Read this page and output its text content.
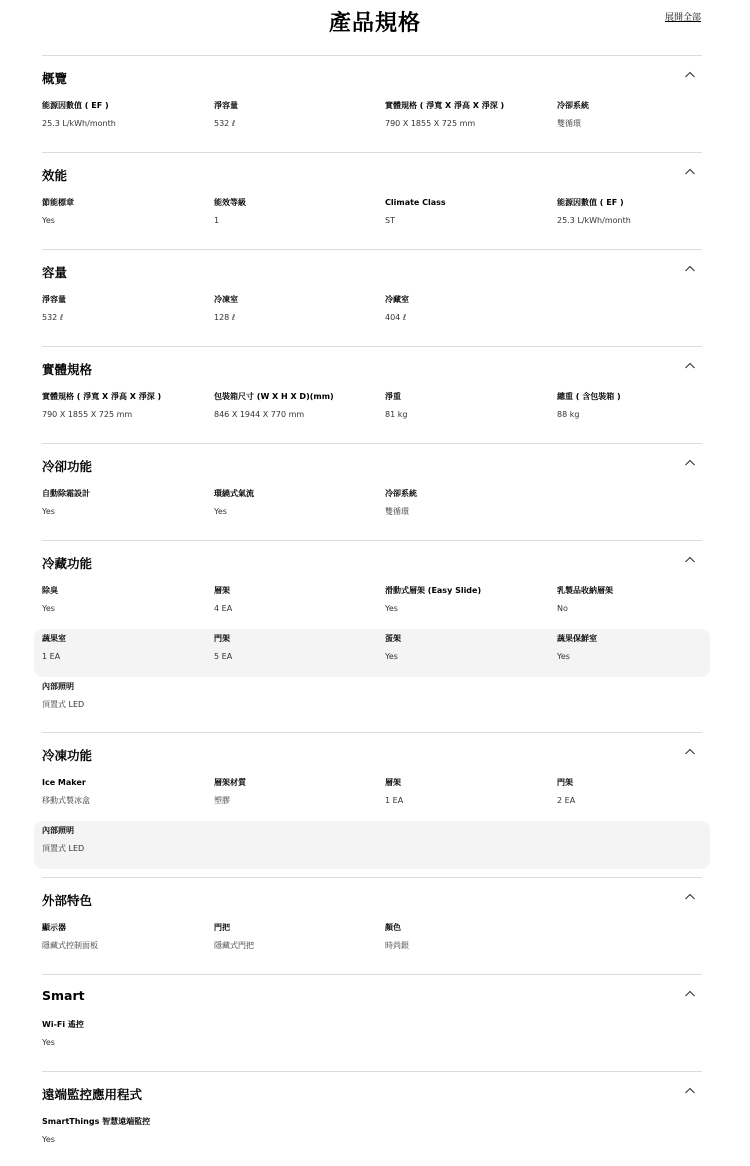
產品規格	展開全部
概覽
能源因數值 ( EF )
25.3 L/kWh/month
淨容量
532 ℓ
實體規格 ( 淨寬 X 淨高 X 淨深 )
790 X 1855 X 725 mm
冷卻系統
雙循環
效能
節能標章
Yes
能效等級
1
Climate Class
ST
能源因數值 ( EF )
25.3 L/kWh/month
容量
淨容量
532 ℓ
冷凍室
128 ℓ
冷藏室
404 ℓ
實體規格
實體規格 ( 淨寬 X 淨高 X 淨深 )
790 X 1855 X 725 mm
包裝箱尺寸 (W X H X D)(mm)
846 X 1944 X 770 mm
淨重
81 kg
總重 ( 含包裝箱 )
88 kg
冷卻功能
自動除霜設計
Yes
環繞式氣流
Yes
冷卻系統
雙循環
冷藏功能
除臭
Yes
層架
4 EA
滑動式層架 (Easy Slide)
Yes
乳製品收納層架
No
蔬果室
1 EA
門架
5 EA
蛋架
Yes
蔬果保鮮室
Yes
內部照明
頂置式 LED
冷凍功能
Ice Maker
移動式製冰盒
層架材質
塑膠
層架
1 EA
門架
2 EA
內部照明
頂置式 LED
外部特色
顯示器
隱藏式控制面板
門把
隱藏式門把
顏色
時尚銀
Smart
Wi-Fi 遙控
Yes
遠端監控應用程式
SmartThings 智慧遠端監控
Yes
